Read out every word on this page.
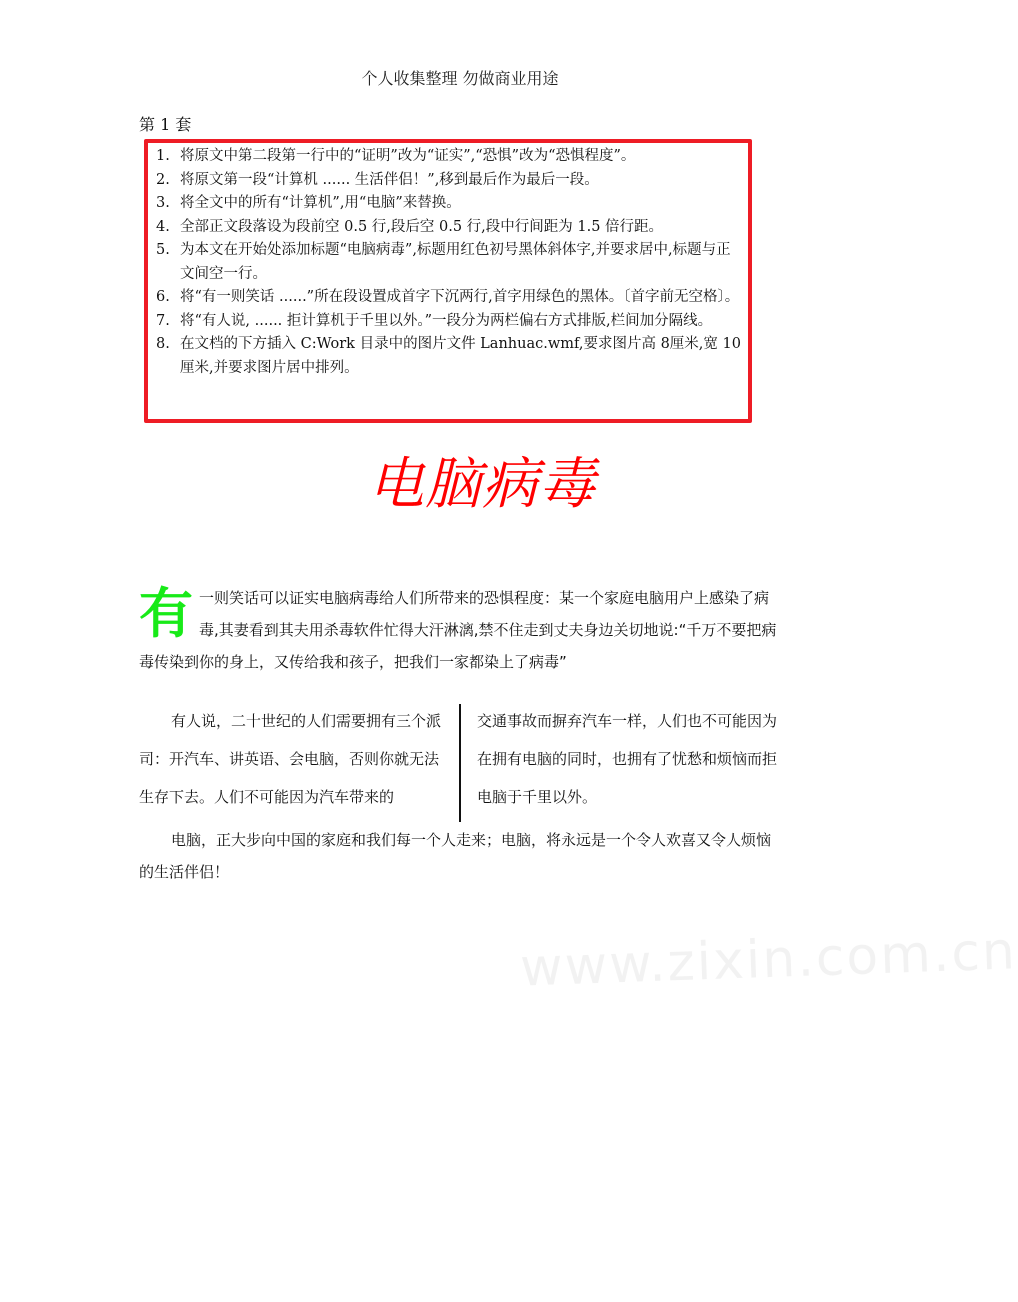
个人收集整理 勿做商业用途
第 1 套
1. 将原文中第二段第一行中的“证明”改为“证实”,“恐惧”改为“恐惧程度”。
2. 将原文第一段“计算机 ...... 生活伴侣！”,移到最后作为最后一段。
3. 将全文中的所有“计算机”,用“电脑”来替换。
4. 全部正文段落设为段前空 0.5 行,段后空 0.5 行,段中行间距为 1.5 倍行距。
5. 为本文在开始处添加标题“电脑病毒”,标题用红色初号黑体斜体字,并要求居中,标题与正文间空一行。
6. 将“有一则笑话 ......”所在段设置成首字下沉两行,首字用绿色的黑体。〔首字前无空格〕。
7. 将“有人说, ...... 拒计算机于千里以外。”一段分为两栏偏右方式排版,栏间加分隔线。
8. 在文档的下方插入 C:Work 目录中的图片文件 Lanhuac.wmf,要求图片高 8厘米,宽 10 厘米,并要求图片居中排列。
电脑病毒
有一则笑话可以证实电脑病毒给人们所带来的恐惧程度：某一个家庭电脑用户上感染了病毒,其妻看到其夫用杀毒软件忙得大汗淋漓,禁不住走到丈夫身边关切地说:“千万不要把病毒传染到你的身上，又传给我和孩子，把我们一家都染上了病毒”
有人说，二十世纪的人们需要拥有三个派司：开汽车、讲英语、会电脑，否则你就无法生存下去。人们不可能因为汽车带来的
交通事故而摒弃汽车一样，人们也不可能因为在拥有电脑的同时，也拥有了忧愁和烦恼而拒电脑于千里以外。
电脑，正大步向中国的家庭和我们每一个人走来；电脑，将永远是一个令人欢喜又令人烦恼的生活伴侣！
www.zixin.com.cn
